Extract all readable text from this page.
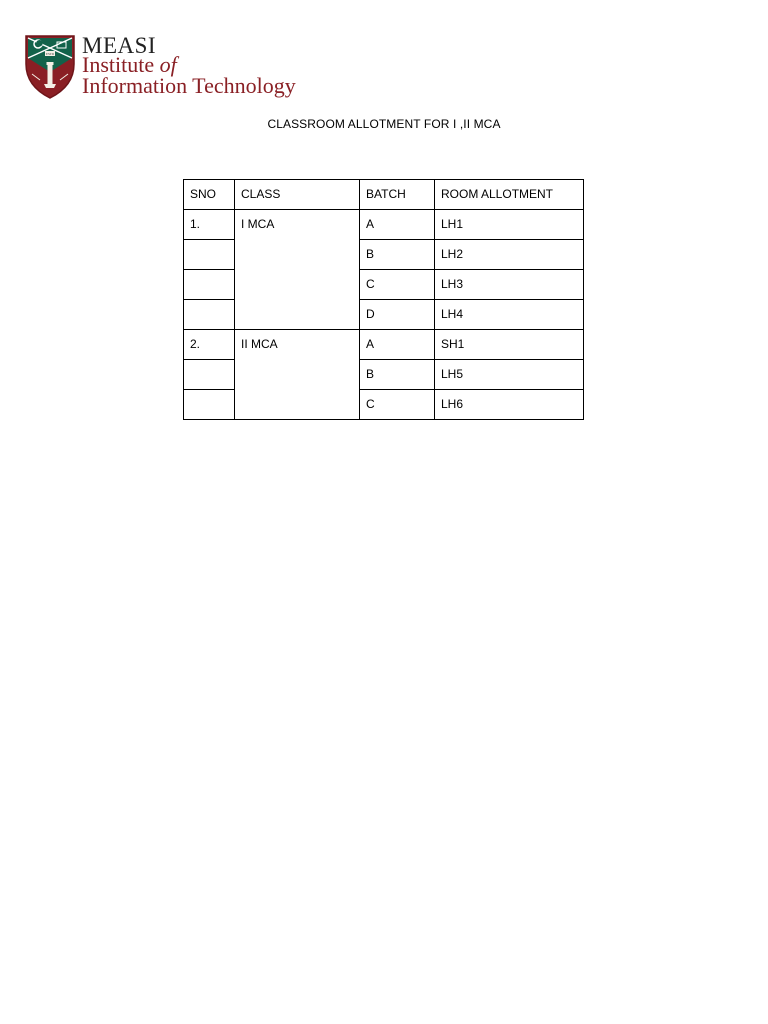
ESTD MEASI
Institute of
Information Technology
CLASSROOM ALLOTMENT FOR I ,II MCA
SNO	CLASS	BATCH	ROOM ALLOTMENT
1.	I MCA	A	LH1
		B	LH2
		C	LH3
		D	LH4
2.	II MCA	A	SH1
		B	LH5
		C	LH6
